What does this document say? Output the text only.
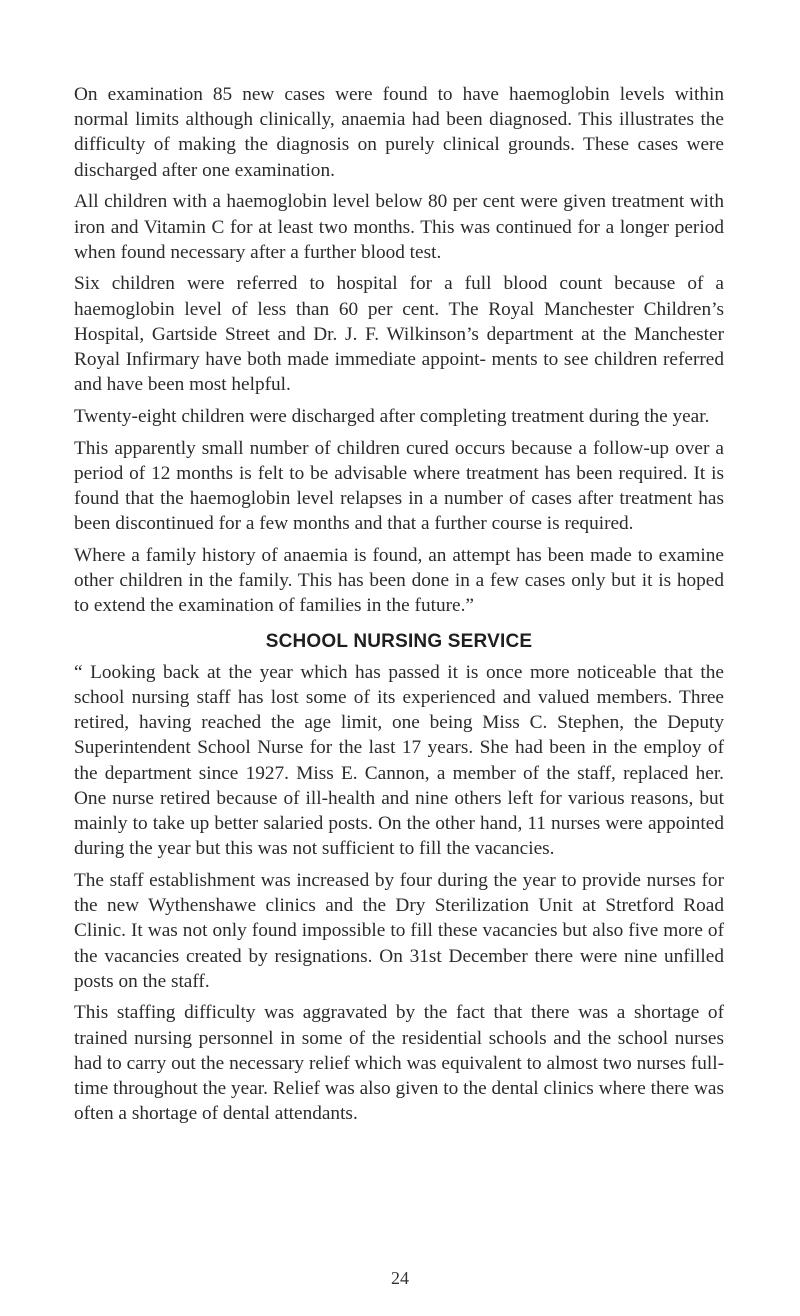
On examination 85 new cases were found to have haemoglobin levels within normal limits although clinically, anaemia had been diagnosed. This illustrates the difficulty of making the diagnosis on purely clinical grounds. These cases were discharged after one examination.

All children with a haemoglobin level below 80 per cent were given treatment with iron and Vitamin C for at least two months. This was continued for a longer period when found necessary after a further blood test.

Six children were referred to hospital for a full blood count because of a haemoglobin level of less than 60 per cent. The Royal Manchester Children’s Hospital, Gartside Street and Dr. J. F. Wilkinson’s department at the Manchester Royal Infirmary have both made immediate appoint- ments to see children referred and have been most helpful.

Twenty-eight children were discharged after completing treatment during the year.

This apparently small number of children cured occurs because a follow-up over a period of 12 months is felt to be advisable where treatment has been required. It is found that the haemoglobin level relapses in a number of cases after treatment has been discontinued for a few months and that a further course is required.

Where a family history of anaemia is found, an attempt has been made to examine other children in the family. This has been done in a few cases only but it is hoped to extend the examination of families in the future.”

SCHOOL NURSING SERVICE

“ Looking back at the year which has passed it is once more noticeable that the school nursing staff has lost some of its experienced and valued members. Three retired, having reached the age limit, one being Miss C. Stephen, the Deputy Superintendent School Nurse for the last 17 years. She had been in the employ of the department since 1927. Miss E. Cannon, a member of the staff, replaced her. One nurse retired because of ill-health and nine others left for various reasons, but mainly to take up better salaried posts. On the other hand, 11 nurses were appointed during the year but this was not sufficient to fill the vacancies.

The staff establishment was increased by four during the year to provide nurses for the new Wythenshawe clinics and the Dry Sterilization Unit at Stretford Road Clinic. It was not only found impossible to fill these vacancies but also five more of the vacancies created by resignations. On 31st December there were nine unfilled posts on the staff.

This staffing difficulty was aggravated by the fact that there was a shortage of trained nursing personnel in some of the residential schools and the school nurses had to carry out the necessary relief which was equivalent to almost two nurses full-time throughout the year. Relief was also given to the dental clinics where there was often a shortage of dental attendants.

24
